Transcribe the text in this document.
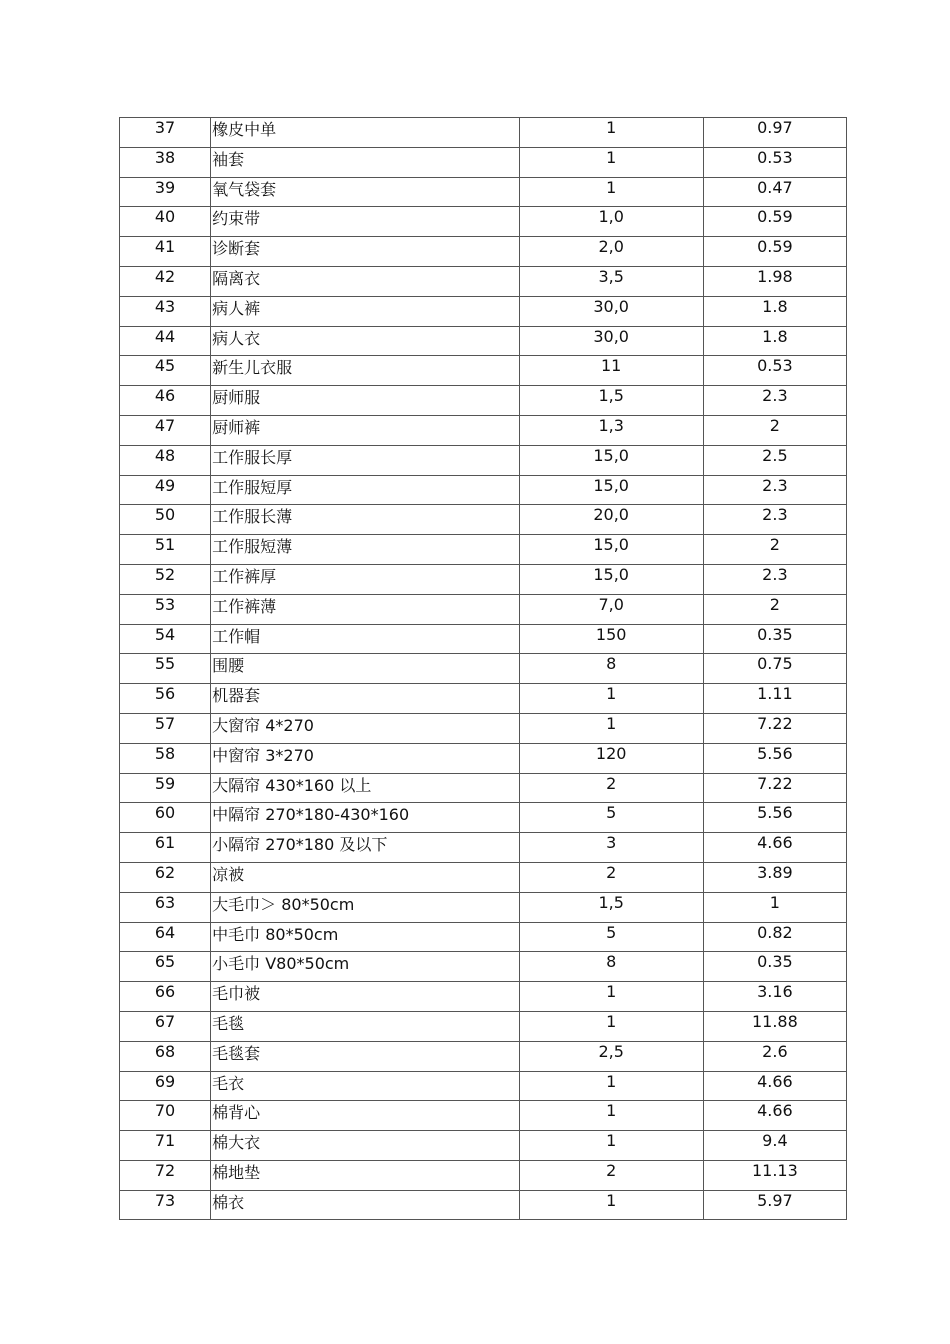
37	橡皮中单	1	0.97
38	袖套	1	0.53
39	氧气袋套	1	0.47
40	约束带	1,0	0.59
41	诊断套	2,0	0.59
42	隔离衣	3,5	1.98
43	病人裤	30,0	1.8
44	病人衣	30,0	1.8
45	新生儿衣服	11	0.53
46	厨师服	1,5	2.3
47	厨师裤	1,3	2
48	工作服长厚	15,0	2.5
49	工作服短厚	15,0	2.3
50	工作服长薄	20,0	2.3
51	工作服短薄	15,0	2
52	工作裤厚	15,0	2.3
53	工作裤薄	7,0	2
54	工作帽	150	0.35
55	围腰	8	0.75
56	机器套	1	1.11
57	大窗帘 4*270	1	7.22
58	中窗帘 3*270	120	5.56
59	大隔帘 430*160 以上	2	7.22
60	中隔帘 270*180-430*160	5	5.56
61	小隔帘 270*180 及以下	3	4.66
62	凉被	2	3.89
63	大毛巾＞ 80*50cm	1,5	1
64	中毛巾 80*50cm	5	0.82
65	小毛巾 V80*50cm	8	0.35
66	毛巾被	1	3.16
67	毛毯	1	11.88
68	毛毯套	2,5	2.6
69	毛衣	1	4.66
70	棉背心	1	4.66
71	棉大衣	1	9.4
72	棉地垫	2	11.13
73	棉衣	1	5.97
